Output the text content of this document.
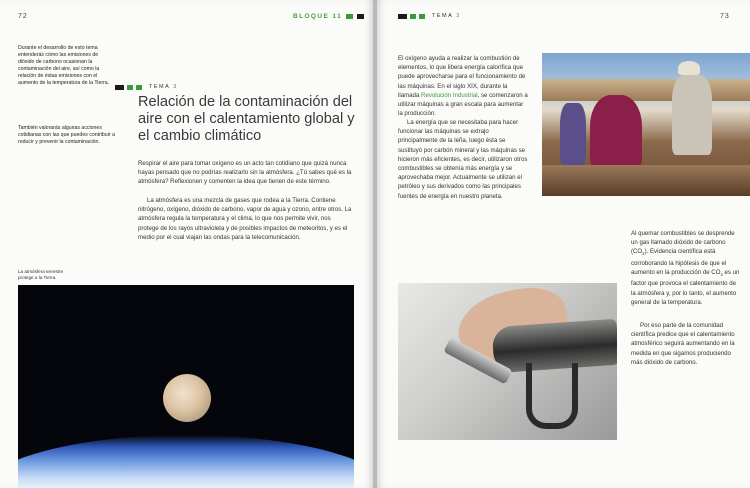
72	BLOQUE 11

Durante el desarrollo de esto tema entenderás cómo las emisiones de dióxido de carbono ocasionan la contaminación del aire, así como la relación de éstas emisiones con el aumento de la temperatura de la Tierra.

También valorarás algunas acciones cotidianas con las que puedes contribuir a reducir y prevenir la contaminación.

TEMA 3
Relación de la contaminación del aire con el calentamiento global y el cambio climático

Respirar el aire para tomar oxígeno es un acto tan cotidiano que quizá nunca hayas pensado que no podrías realizarlo sin la atmósfera. ¿Tú sabes qué es la atmósfera? Reflexionen y comenten la idea que tienen de este término.

La atmósfera es una mezcla de gases que rodea a la Tierra. Contiene nitrógeno, oxígeno, dióxido de carbono, vapor de agua y ozono, entre otros. La atmósfera regula la temperatura y el clima, lo que nos permite vivir, nos protege de los rayos ultravioleta y de posibles impactos de meteoritos, y es el medio por el cual viajan las ondas para la telecomunicación.

La atmósfera terrestre protege a la Tierra.

TEMA 3	73

El oxígeno ayuda a realizar la combustión de elementos, lo que libera energía calorífica que puede aprovecharse para el funcionamiento de las máquinas. En el siglo XIX, durante la llamada Revolución Industrial, se comenzaron a utilizar máquinas a gran escala para aumentar la producción.

La energía que se necesitaba para hacer funcionar las máquinas se extrajo principalmente de la leña, luego ésta se sustituyó por carbón mineral y las máquinas se hicieron más eficientes, es decir, utilizaron otros combustibles se obtenía más energía y se aprovechaba mejor. Actualmente se utilizan el petróleo y sus derivados como las principales fuentes de energía en nuestro planeta.

Al quemar combustibles se desprende un gas llamado dióxido de carbono $(CO_2)$. Evidencia científica está corroborando la hipótesis de que el aumento en la producción de $CO_2$ es un factor que provoca el calentamiento de la atmósfera y, por lo tanto, el aumento general de la temperatura.

Por eso parte de la comunidad científica predice que el calentamiento atmosférico seguirá aumentando en la medida en que sigamos produciendo más dióxido de carbono.
